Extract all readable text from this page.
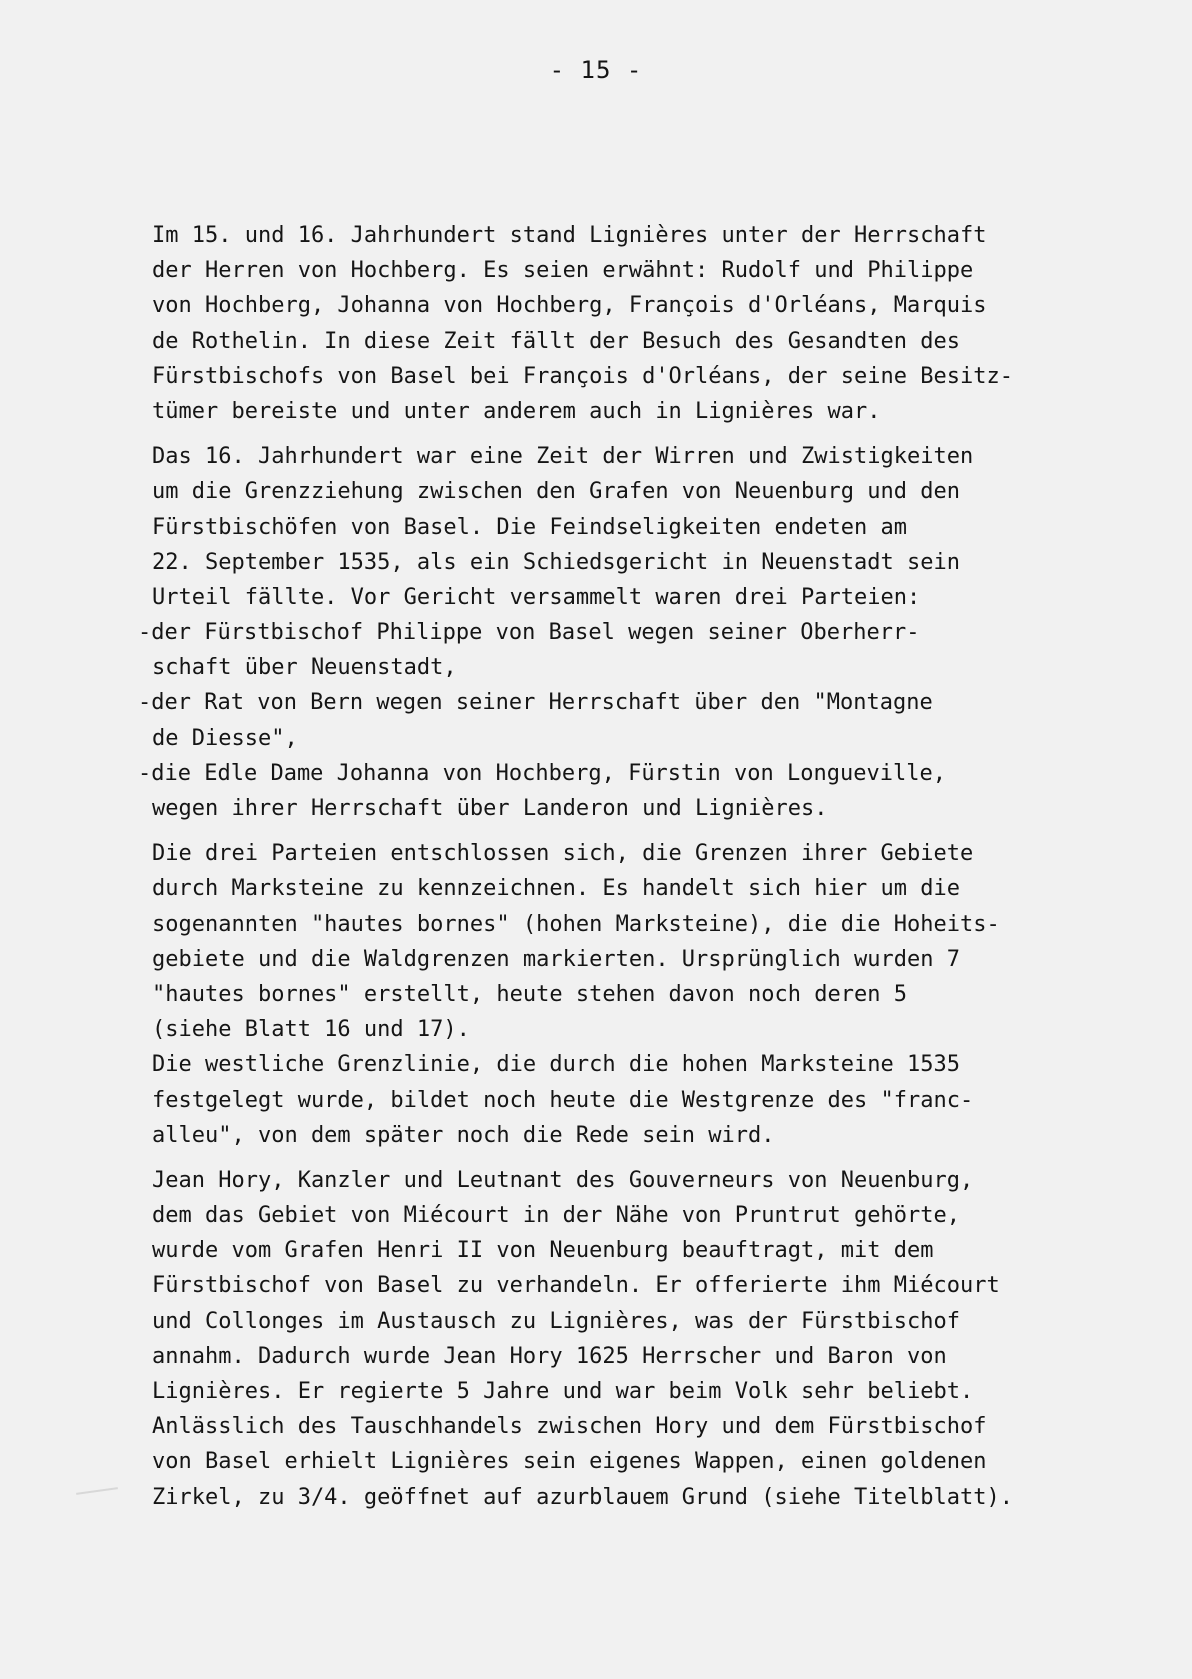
- 15 -
Im 15. und 16. Jahrhundert stand Lignières unter der Herrschaft
der Herren von Hochberg. Es seien erwähnt: Rudolf und Philippe
von Hochberg, Johanna von Hochberg, François d'Orléans, Marquis
de Rothelin. In diese Zeit fällt der Besuch des Gesandten des
Fürstbischofs von Basel bei François d'Orléans, der seine Besitz-
tümer bereiste und unter anderem auch in Lignières war.
Das 16. Jahrhundert war eine Zeit der Wirren und Zwistigkeiten
um die Grenzziehung zwischen den Grafen von Neuenburg und den
Fürstbischöfen von Basel. Die Feindseligkeiten endeten am
22. September 1535, als ein Schiedsgericht in Neuenstadt sein
Urteil fällte. Vor Gericht versammelt waren drei Parteien:
-der Fürstbischof Philippe von Basel wegen seiner Oberherr-
schaft über Neuenstadt,
-der Rat von Bern wegen seiner Herrschaft über den "Montagne
de Diesse",
-die Edle Dame Johanna von Hochberg, Fürstin von Longueville,
wegen ihrer Herrschaft über Landeron und Lignières.
Die drei Parteien entschlossen sich, die Grenzen ihrer Gebiete
durch Marksteine zu kennzeichnen. Es handelt sich hier um die
sogenannten "hautes bornes" (hohen Marksteine), die die Hoheits-
gebiete und die Waldgrenzen markierten. Ursprünglich wurden 7
"hautes bornes" erstellt, heute stehen davon noch deren 5
(siehe Blatt 16 und 17).
Die westliche Grenzlinie, die durch die hohen Marksteine 1535
festgelegt wurde, bildet noch heute die Westgrenze des "franc-
alleu", von dem später noch die Rede sein wird.
Jean Hory, Kanzler und Leutnant des Gouverneurs von Neuenburg,
dem das Gebiet von Miécourt in der Nähe von Pruntrut gehörte,
wurde vom Grafen Henri II von Neuenburg beauftragt, mit dem
Fürstbischof von Basel zu verhandeln. Er offerierte ihm Miécourt
und Collonges im Austausch zu Lignières, was der Fürstbischof
annahm. Dadurch wurde Jean Hory 1625 Herrscher und Baron von
Lignières. Er regierte 5 Jahre und war beim Volk sehr beliebt.
Anlässlich des Tauschhandels zwischen Hory und dem Fürstbischof
von Basel erhielt Lignières sein eigenes Wappen, einen goldenen
Zirkel, zu 3/4. geöffnet auf azurblauem Grund (siehe Titelblatt).
